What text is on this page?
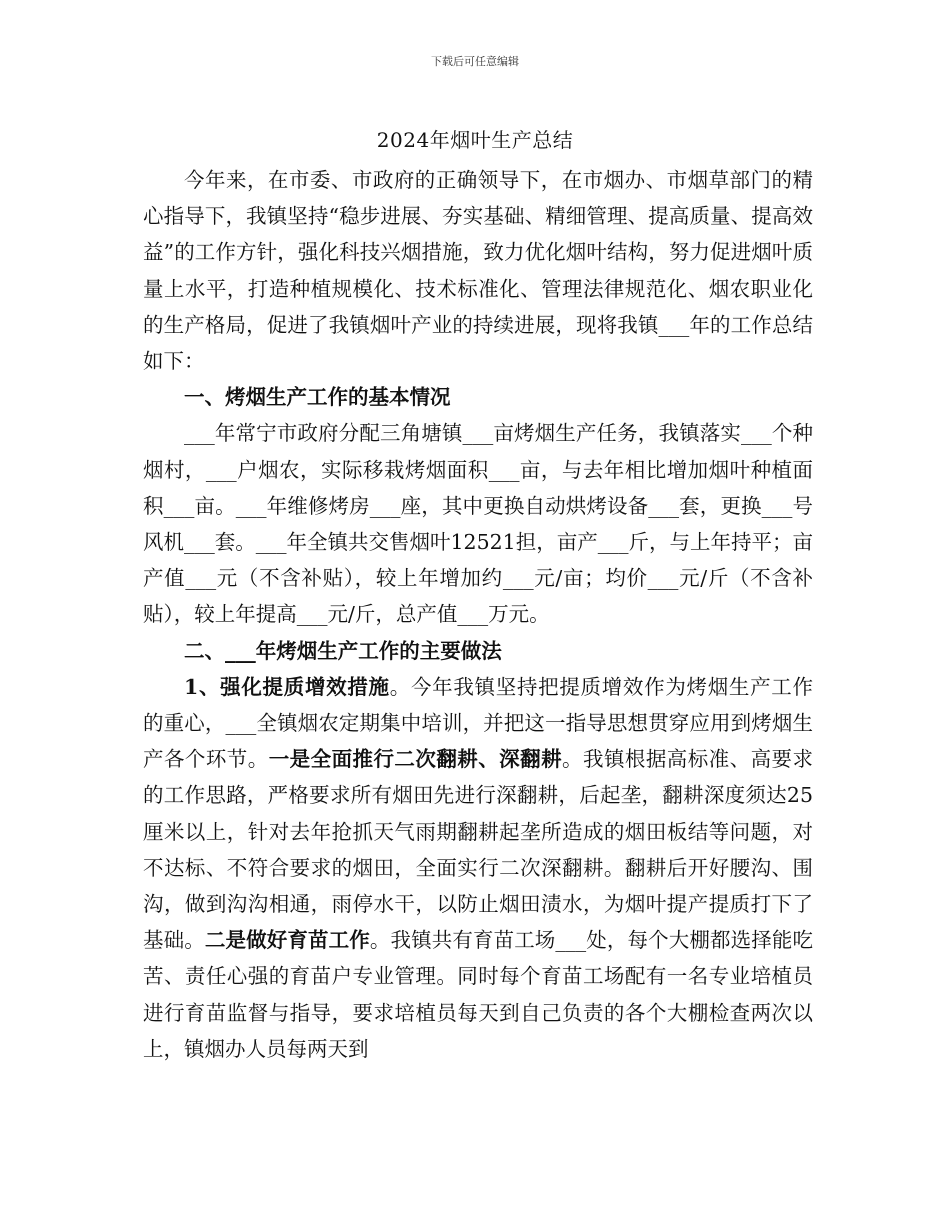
下载后可任意编辑
2024年烟叶生产总结

今年来，在市委、市政府的正确领导下，在市烟办、市烟草部门的精心指导下，我镇坚持“稳步进展、夯实基础、精细管理、提高质量、提高效益”的工作方针，强化科技兴烟措施，致力优化烟叶结构，努力促进烟叶质量上水平，打造种植规模化、技术标准化、管理法律规范化、烟农职业化的生产格局，促进了我镇烟叶产业的持续进展，现将我镇___年的工作总结如下：

一、烤烟生产工作的基本情况

___年常宁市政府分配三角塘镇___亩烤烟生产任务，我镇落实___个种烟村，___户烟农，实际移栽烤烟面积___亩，与去年相比增加烟叶种植面积___亩。___年维修烤房___座，其中更换自动烘烤设备___套，更换___号风机___套。___年全镇共交售烟叶12521担，亩产___斤，与上年持平；亩产值___元（不含补贴），较上年增加约___元/亩；均价___元/斤（不含补贴），较上年提高___元/斤，总产值___万元。

二、___年烤烟生产工作的主要做法

1、强化提质增效措施。今年我镇坚持把提质增效作为烤烟生产工作的重心，___全镇烟农定期集中培训，并把这一指导思想贯穿应用到烤烟生产各个环节。一是全面推行二次翻耕、深翻耕。我镇根据高标准、高要求的工作思路，严格要求所有烟田先进行深翻耕，后起垄，翻耕深度须达25厘米以上，针对去年抢抓天气雨期翻耕起垄所造成的烟田板结等问题，对不达标、不符合要求的烟田，全面实行二次深翻耕。翻耕后开好腰沟、围沟，做到沟沟相通，雨停水干，以防止烟田渍水，为烟叶提产提质打下了基础。二是做好育苗工作。我镇共有育苗工场___处，每个大棚都选择能吃苦、责任心强的育苗户专业管理。同时每个育苗工场配有一名专业培植员进行育苗监督与指导，要求培植员每天到自己负责的各个大棚检查两次以上，镇烟办人员每两天到
